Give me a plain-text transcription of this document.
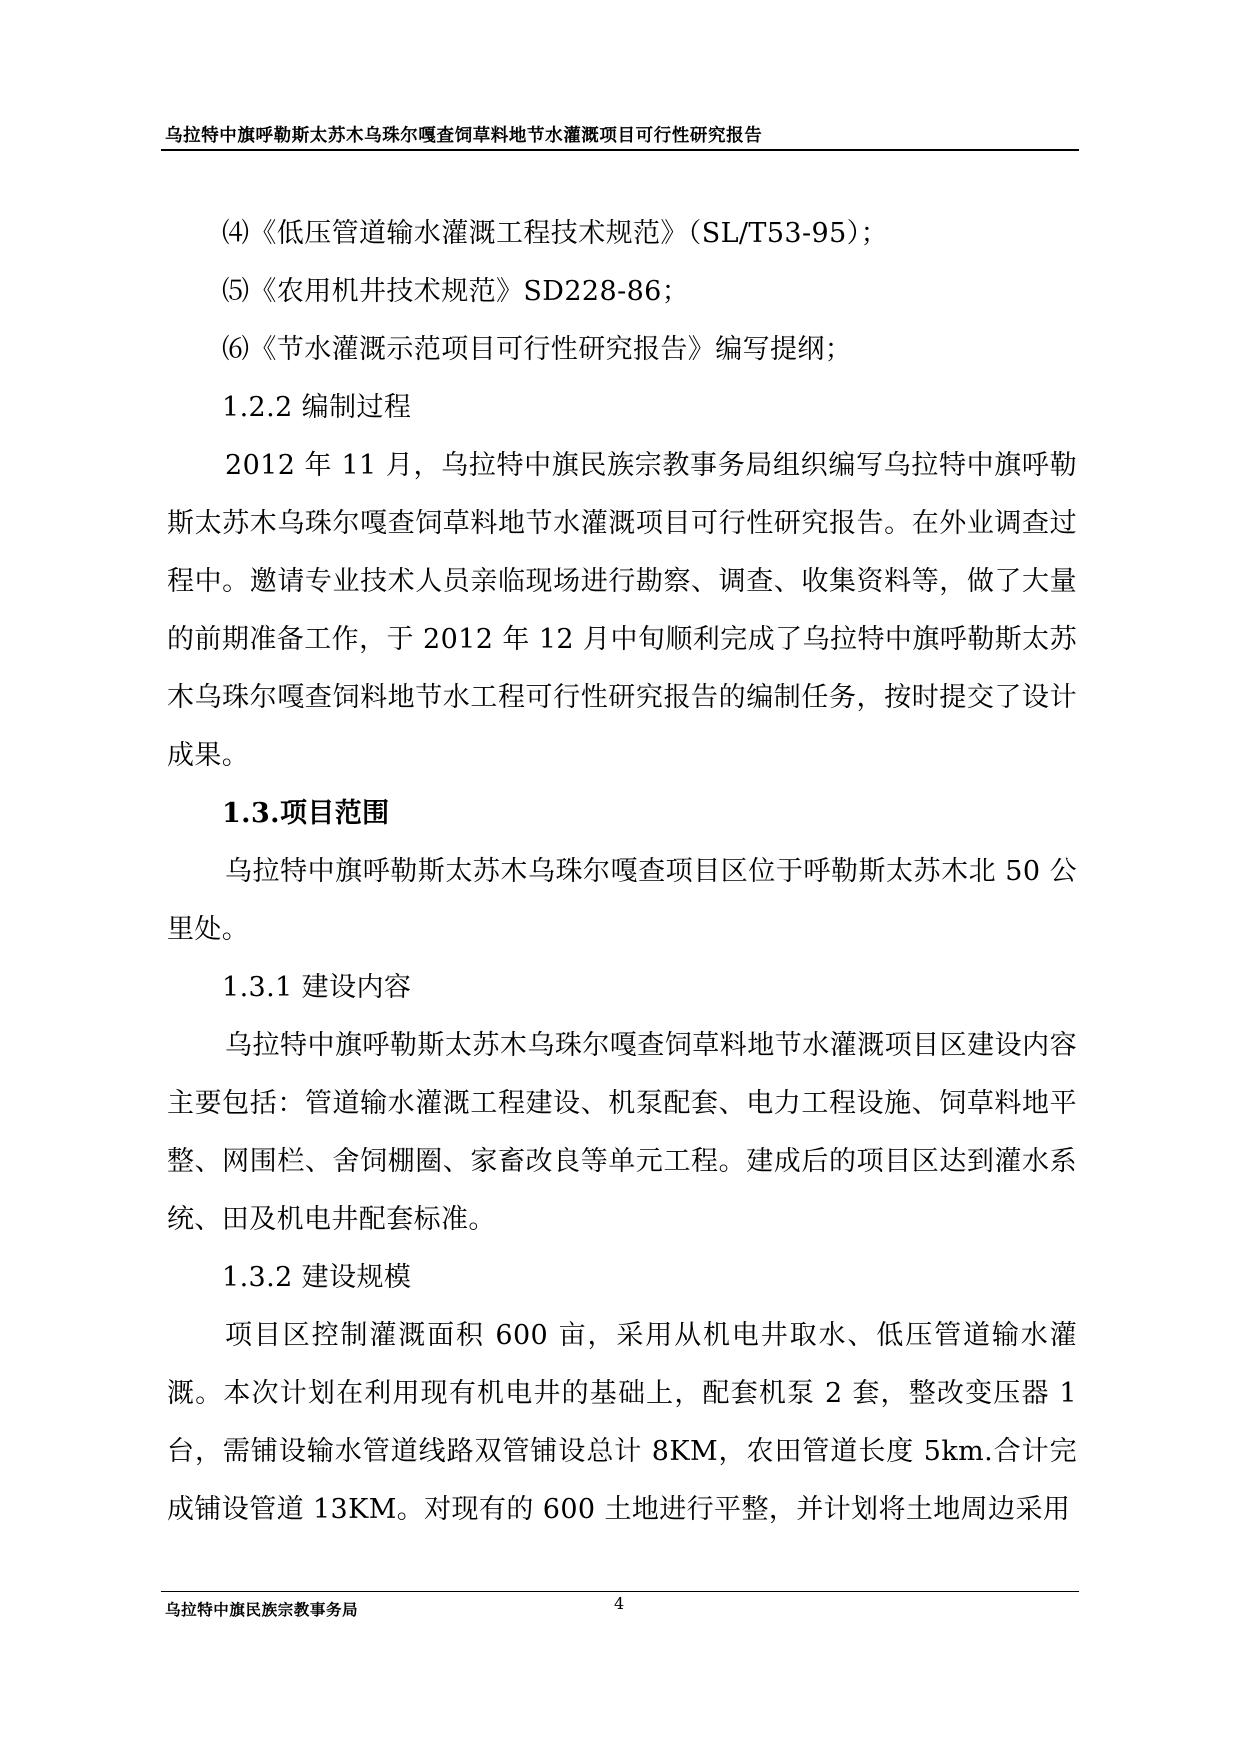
乌拉特中旗呼勒斯太苏木乌珠尔嘎查饲草料地节水灌溉项目可行性研究报告

⑷《低压管道输水灌溉工程技术规范》（SL/T53-95）；

⑸《农用机井技术规范》SD228-86；

⑹《节水灌溉示范项目可行性研究报告》编写提纲；

1.2.2 编制过程

2012 年 11 月，乌拉特中旗民族宗教事务局组织编写乌拉特中旗呼勒斯太苏木乌珠尔嘎查饲草料地节水灌溉项目可行性研究报告。在外业调查过程中。邀请专业技术人员亲临现场进行勘察、调查、收集资料等，做了大量的前期准备工作，于 2012 年 12 月中旬顺利完成了乌拉特中旗呼勒斯太苏木乌珠尔嘎查饲料地节水工程可行性研究报告的编制任务，按时提交了设计成果。

1.3.项目范围

乌拉特中旗呼勒斯太苏木乌珠尔嘎查项目区位于呼勒斯太苏木北 50 公里处。

1.3.1 建设内容

乌拉特中旗呼勒斯太苏木乌珠尔嘎查饲草料地节水灌溉项目区建设内容主要包括：管道输水灌溉工程建设、机泵配套、电力工程设施、饲草料地平整、网围栏、舍饲棚圈、家畜改良等单元工程。建成后的项目区达到灌水系统、田及机电井配套标准。

1.3.2 建设规模

项目区控制灌溉面积 600 亩，采用从机电井取水、低压管道输水灌溉。本次计划在利用现有机电井的基础上，配套机泵 2 套，整改变压器 1 台，需铺设输水管道线路双管铺设总计 8KM，农田管道长度 5km.合计完成铺设管道 13KM。对现有的 600 土地进行平整，并计划将土地周边采用

乌拉特中旗民族宗教事务局	4
